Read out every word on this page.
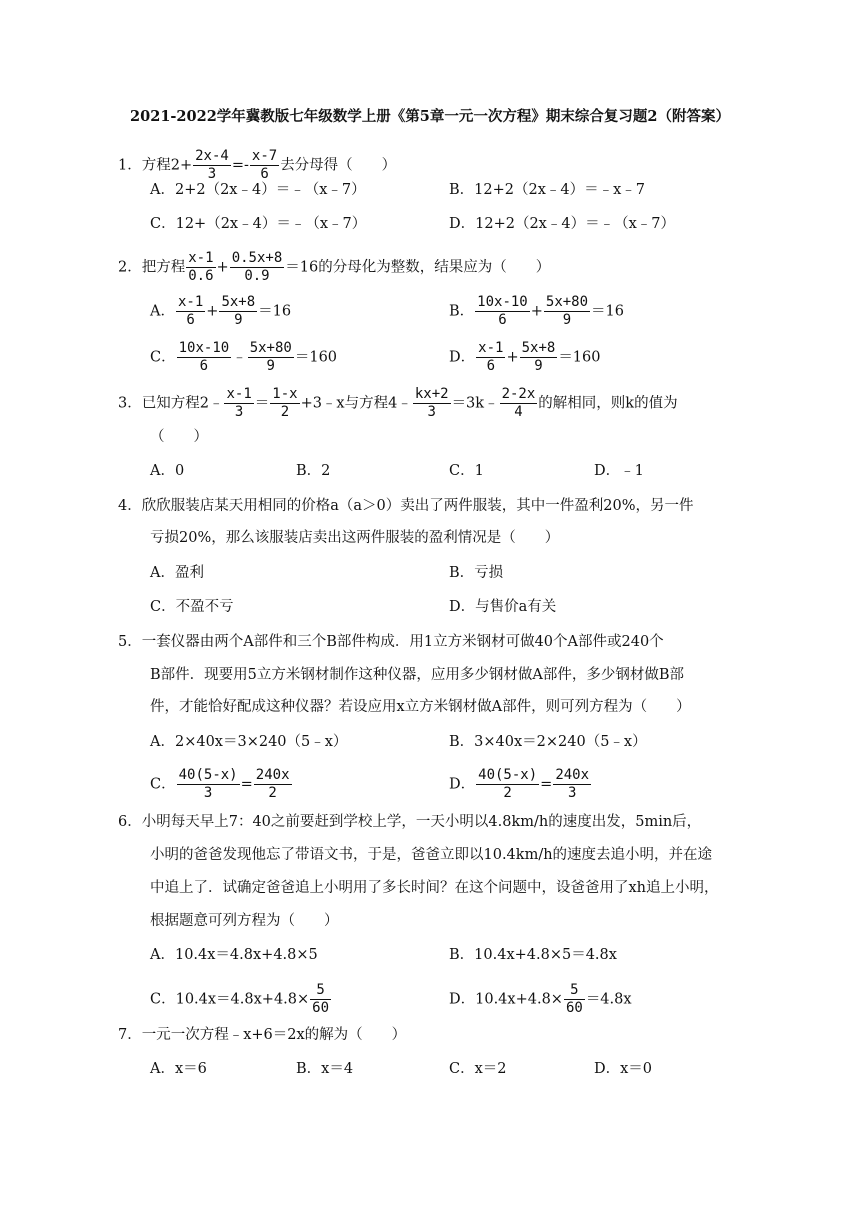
2021-2022学年冀教版七年级数学上册《第5章一元一次方程》期末综合复习题2（附答案）
1．方程$2+ \frac{2x-4}{3} =- \frac{x-7}{6}$ 去分母得（　　）
A．2+2（2x﹣4）＝﹣（x﹣7）	B．12+2（2x﹣4）＝﹣x﹣7
C．12+（2x﹣4）＝﹣（x﹣7）	D．12+2（2x﹣4）＝﹣（x﹣7）
2．把方程 $\frac{x-1}{0.6} + \frac{0.5x+8}{0.9} =16$的分母化为整数，结果应为（　　）
A． $\frac{x-1}{6} + \frac{5x+8}{9} =16$	B． $\frac{10x-10}{6} + \frac{5x+80}{9} =16$
C． $\frac{10x-10}{6}$ ﹣ $\frac{5x+80}{9} =160$	D． $\frac{x-1}{6} + \frac{5x+8}{9} =160$
3．已知方程2﹣ $\frac{x-1}{3} = \frac{1-x}{2}$ +3﹣x与方程4﹣ $\frac{kx+2}{3}$ ＝3k﹣ $\frac{2-2x}{4}$ 的解相同，则k的值为
（　　）
A．0	B．2	C．1	D．﹣1
4．欣欣服装店某天用相同的价格a（a＞0）卖出了两件服装，其中一件盈利20%，另一件
亏损20%，那么该服装店卖出这两件服装的盈利情况是（　　）
A．盈利	B．亏损
C．不盈不亏	D．与售价a有关
5．一套仪器由两个A部件和三个B部件构成．用1立方米钢材可做40个A部件或240个
B部件．现要用5立方米钢材制作这种仪器，应用多少钢材做A部件，多少钢材做B部
件，才能恰好配成这种仪器？若设应用x立方米钢材做A部件，则可列方程为（　　）
A．2×40x＝3×240（5﹣x）	B．3×40x＝2×240（5﹣x）
C． $\frac{40(5-x)}{3} = \frac{240x}{2}$	D． $\frac{40(5-x)}{2} = \frac{240x}{3}$
6．小明每天早上7：40之前要赶到学校上学，一天小明以4.8km/h的速度出发，5min后，
小明的爸爸发现他忘了带语文书，于是，爸爸立即以10.4km/h的速度去追小明，并在途
中追上了．试确定爸爸追上小明用了多长时间？在这个问题中，设爸爸用了xh追上小明，
根据题意可列方程为（　　）
A．10.4x＝4.8x+4.8×5	B．10.4x+4.8×5＝4.8x
C．$10.4x=4.8x+4.8\times \frac{5}{60}$	D．$10.4x+4.8\times \frac{5}{60} =4.8x$
7．一元一次方程﹣x+6＝2x的解为（　　）
A．x＝6	B．x＝4	C．x＝2	D．x＝0
